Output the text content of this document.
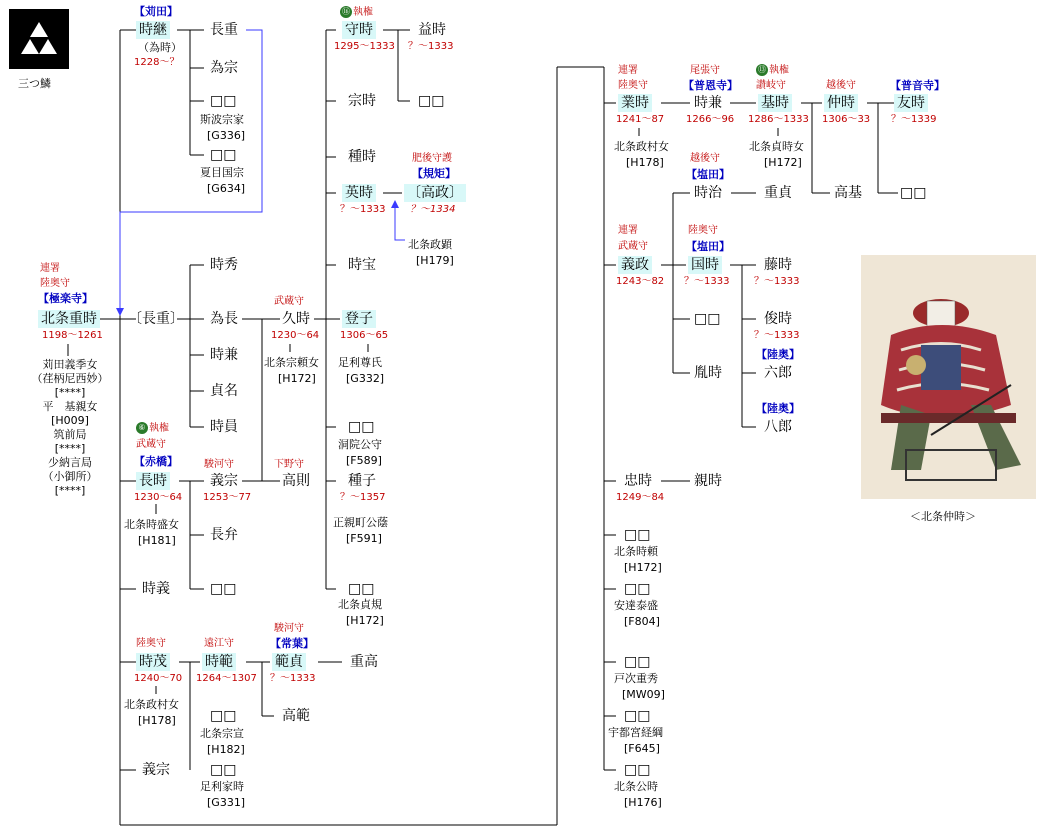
三つ鱗
連署
陸奥守
【極楽寺】
北条重時
1198～1261
苅田義季女
（荏柄尼西妙）
[****]
平　基親女
[H009]
筑前局
[****]
少納言局
（小御所）
[****]
【苅田】
時継
（為時）
1228～？
長重
為宗
□□
斯波宗家
[G336]
□□
夏目国宗
[G634]
〔長重〕
時秀
為長
時兼
貞名
時員
武蔵守
久時
1230～64
北条宗頼女
[H172]
⑯ 執権
守時
1295～1333
益時
？～1333
宗時	□□
種時
英時
？～1333
肥後守護
【規矩】
〔高政〕
？～1334
北条政顕
[H179]
時宝
登子
1306～65
足利尊氏
[G332]
□□
洞院公守
[F589]
種子
？～1357
正親町公蔭
[F591]
□□
北条貞規
[H172]
⑥ 執権
武蔵守
【赤橋】
長時
1230～64
北条時盛女
[H181]
駿河守
義宗
1253～77
下野守
高則
長弁
□□
時義
陸奥守
時茂
1240～70
北条政村女
[H178]
遠江守
時範
1264～1307
駿河守
【常葉】
範貞
？～1333
重高
高範
□□
北条宗宣
[H182]
□□
足利家時
[G331]
義宗
連署
陸奥守
業時
1241～87
北条政村女
[H178]
尾張守
【普恩寺】
時兼
1266～96
⑬ 執権
讃岐守
基時
1286～1333
北条貞時女
[H172]
越後守
仲時
1306～33
【普音寺】
友時
？～1339
高基	□□
越後守
【塩田】
時治	重貞
連署
武蔵守
義政
1243～82
陸奥守
【塩田】
国時
？～1333
藤時
？～1333
□□	俊時
？～1333
【陸奥】
六郎
胤時
【陸奥】
八郎
忠時
1249～84
親時
□□
北条時頼
[H172]
□□
安達泰盛
[F804]
□□
戸次重秀
[MW09]
□□
宇都宮経綱
[F645]
□□
北条公時
[H176]
＜北条仲時＞
